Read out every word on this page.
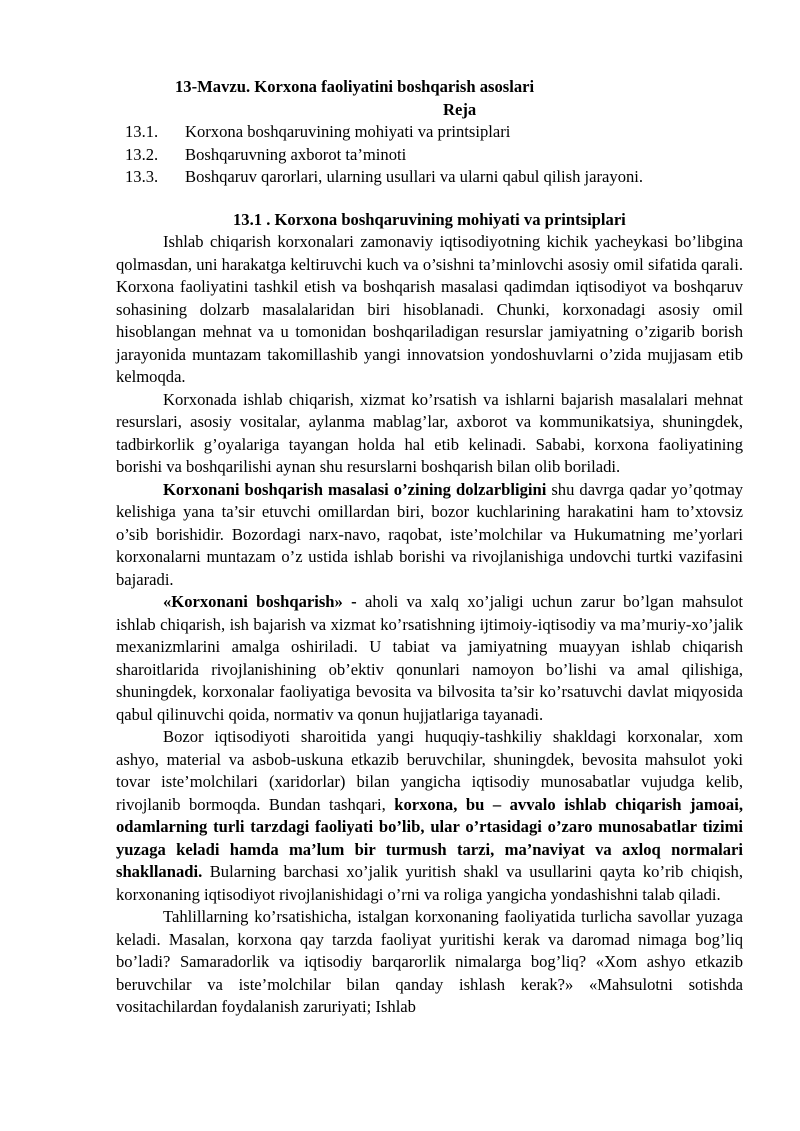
13-Mavzu. Korxona faoliyatini boshqarish asoslari
Reja
13.1.	Korxona boshqaruvining mohiyati va printsiplari
13.2.	Boshqaruvning axborot ta’minoti
13.3.	Boshqaruv qarorlari, ularning usullari va ularni qabul qilish jarayoni.
13.1 . Korxona boshqaruvining mohiyati va printsiplari

Ishlab chiqarish korxonalari zamonaviy iqtisodiyotning kichik yacheykasi bo’libgina qolmasdan, uni harakatga keltiruvchi kuch va o’sishni ta’minlovchi asosiy omil sifatida qarali. Korxona faoliyatini tashkil etish va boshqarish masalasi qadimdan iqtisodiyot va boshqaruv sohasining dolzarb masalalaridan biri hisoblanadi. Chunki, korxonadagi asosiy omil hisoblangan mehnat va u tomonidan boshqariladigan resurslar jamiyatning o’zigarib borish jarayonida muntazam takomillashib yangi innovatsion yondoshuvlarni o’zida mujjasam etib kelmoqda.

Korxonada ishlab chiqarish, xizmat ko’rsatish va ishlarni bajarish masalalari mehnat resurslari, asosiy vositalar, aylanma mablag’lar, axborot va kommunikatsiya, shuningdek, tadbirkorlik g’oyalariga tayangan holda hal etib kelinadi. Sababi, korxona faoliyatining borishi va boshqarilishi aynan shu resurslarni boshqarish bilan olib boriladi.

Korxonani boshqarish masalasi o’zining dolzarbligini shu davrga qadar yo’qotmay kelishiga yana ta’sir etuvchi omillardan biri, bozor kuchlarining harakatini ham to’xtovsiz o’sib borishidir. Bozordagi narx-navo, raqobat, iste’molchilar va Hukumatning me’yorlari korxonalarni muntazam o’z ustida ishlab borishi va rivojlanishiga undovchi turtki vazifasini bajaradi.

«Korxonani boshqarish» - aholi va xalq xo’jaligi uchun zarur bo’lgan mahsulot ishlab chiqarish, ish bajarish va xizmat ko’rsatishning ijtimoiy-iqtisodiy va ma’muriy-xo’jalik mexanizmlarini amalga oshiriladi. U tabiat va jamiyatning muayyan ishlab chiqarish sharoitlarida rivojlanishining ob’ektiv qonunlari namoyon bo’lishi va amal qilishiga, shuningdek, korxonalar faoliyatiga bevosita va bilvosita ta’sir ko’rsatuvchi davlat miqyosida qabul qilinuvchi qoida, normativ va qonun hujjatlariga tayanadi.

Bozor iqtisodiyoti sharoitida yangi huquqiy-tashkiliy shakldagi korxonalar, xom ashyo, material va asbob-uskuna etkazib beruvchilar, shuningdek, bevosita mahsulot yoki tovar iste’molchilari (xaridorlar) bilan yangicha iqtisodiy munosabatlar vujudga kelib, rivojlanib bormoqda. Bundan tashqari, korxona, bu – avvalo ishlab chiqarish jamoai, odamlarning turli tarzdagi faoliyati bo’lib, ular o’rtasidagi o’zaro munosabatlar tizimi yuzaga keladi hamda ma’lum bir turmush tarzi, ma’naviyat va axloq normalari shakllanadi. Bularning barchasi xo’jalik yuritish shakl va usullarini qayta ko’rib chiqish, korxonaning iqtisodiyot rivojlanishidagi o’rni va roliga yangicha yondashishni talab qiladi.

Tahlillarning ko’rsatishicha, istalgan korxonaning faoliyatida turlicha savollar yuzaga keladi. Masalan, korxona qay tarzda faoliyat yuritishi kerak va daromad nimaga bog’liq bo’ladi? Samaradorlik va iqtisodiy barqarorlik nimalarga bog’liq? «Xom ashyo etkazib beruvchilar va iste’molchilar bilan qanday ishlash kerak?» «Mahsulotni sotishda vositachilardan foydalanish zaruriyati; Ishlab
